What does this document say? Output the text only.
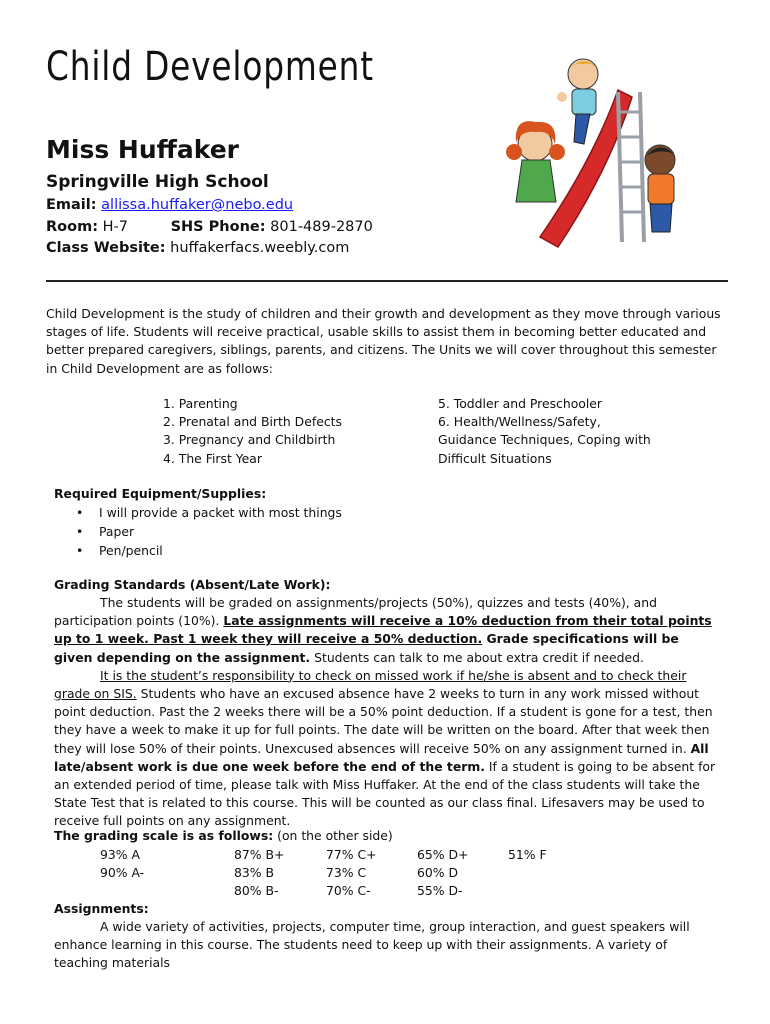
Child Development
Miss Huffaker
Springville High School
Email: allissa.huffaker@nebo.edu
Room: H-7	SHS Phone: 801-489-2870
Class Website: huffakerfacs.weebly.com
Child Development is the study of children and their growth and development as they move through various stages of life. Students will receive practical, usable skills to assist them in becoming better educated and better prepared caregivers, siblings, parents, and citizens. The Units we will cover throughout this semester in Child Development are as follows:
1. Parenting
2. Prenatal and Birth Defects
3. Pregnancy and Childbirth
4. The First Year
5. Toddler and Preschooler
6. Health/Wellness/Safety,
Guidance Techniques, Coping with
Difficult Situations
Required Equipment/Supplies:
• I will provide a packet with most things
• Paper
• Pen/pencil
Grading Standards (Absent/Late Work):

The students will be graded on assignments/projects (50%), quizzes and tests (40%), and participation points (10%). Late assignments will receive a 10% deduction from their total points up to 1 week. Past 1 week they will receive a 50% deduction. Grade specifications will be given depending on the assignment. Students can talk to me about extra credit if needed.

It is the student’s responsibility to check on missed work if he/she is absent and to check their grade on SIS. Students who have an excused absence have 2 weeks to turn in any work missed without point deduction. Past the 2 weeks there will be a 50% point deduction. If a student is gone for a test, then they have a week to make it up for full points. The date will be written on the board. After that week then they will lose 50% of their points. Unexcused absences will receive 50% on any assignment turned in. All late/absent work is due one week before the end of the term. If a student is going to be absent for an extended period of time, please talk with Miss Huffaker. At the end of the class students will take the State Test that is related to this course. This will be counted as our class final. Lifesavers may be used to receive full points on any assignment.

The grading scale is as follows: (on the other side)
93% A
90% A-
87% B+
83% B
80% B-
77% C+
73% C
70% C-
65% D+
60% D
55% D-
51% F
Assignments:

A wide variety of activities, projects, computer time, group interaction, and guest speakers will enhance learning in this course. The students need to keep up with their assignments. A variety of teaching materials
